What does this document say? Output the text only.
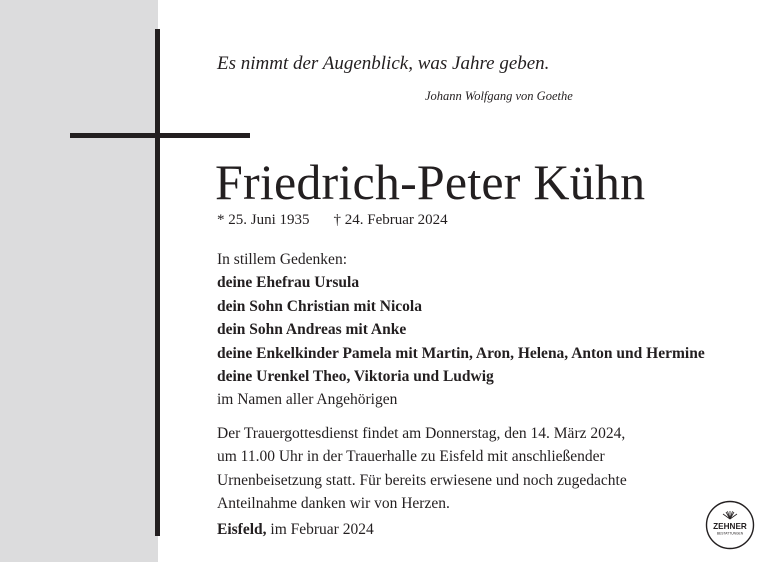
Es nimmt der Augenblick, was Jahre geben.
Johann Wolfgang von Goethe
Friedrich-Peter Kühn
* 25. Juni 1935 † 24. Februar 2024
In stillem Gedenken:
deine Ehefrau Ursula
dein Sohn Christian mit Nicola
dein Sohn Andreas mit Anke
deine Enkelkinder Pamela mit Martin, Aron, Helena, Anton und Hermine
deine Urenkel Theo, Viktoria und Ludwig
im Namen aller Angehörigen
Der Trauergottesdienst findet am Donnerstag, den 14. März 2024,
um 11.00 Uhr in der Trauerhalle zu Eisfeld mit anschließender
Urnenbeisetzung statt. Für bereits erwiesene und noch zugedachte
Anteilnahme danken wir von Herzen.
Eisfeld, im Februar 2024	ZEHNER
BESTATTUNGEN
